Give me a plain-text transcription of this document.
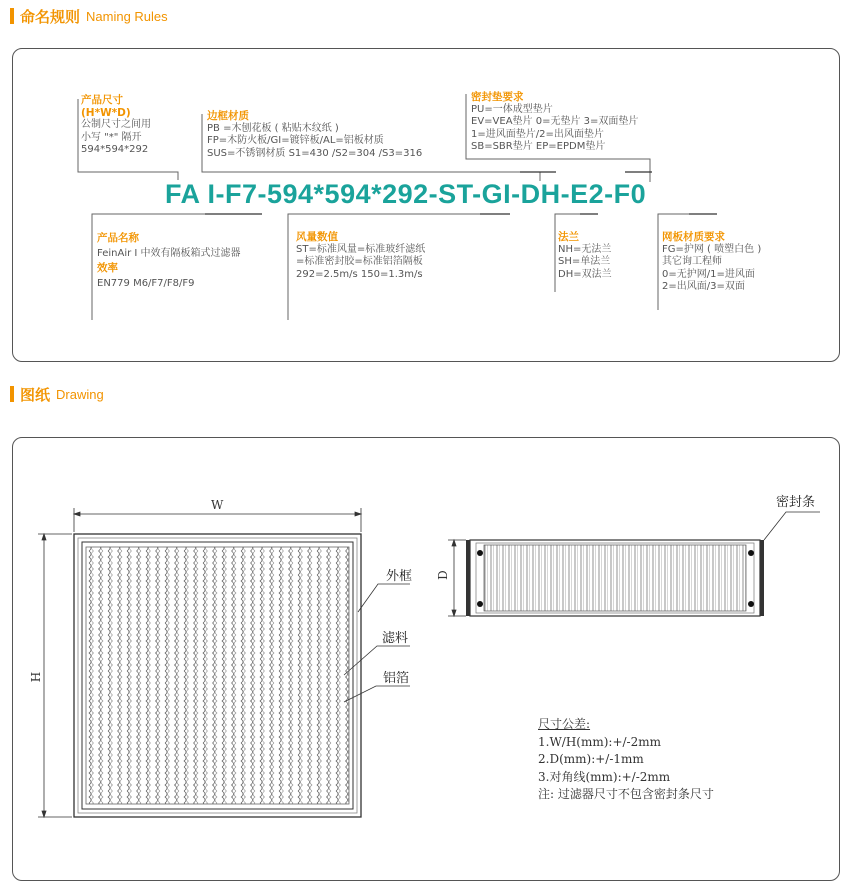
命名规则 Naming Rules
产品尺寸
(H*W*D)
公制尺寸之间用
小写 "*" 隔开
594*594*292
边框材质
PB =木刨花板 ( 粘贴木纹纸 )
FP=木防火板/GI=镀锌板/AL=铝板材质
SUS=不锈钢材质 S1=430 /S2=304 /S3=316
密封垫要求
PU=一体成型垫片
EV=VEA垫片 0=无垫片 3=双面垫片
1=进风面垫片/2=出风面垫片
SB=SBR垫片 EP=EPDM垫片
FA I-F7-594*594*292-ST-GI-DH-E2-F0
产品名称
FeinAir I 中效有隔板箱式过滤器
效率
EN779 M6/F7/F8/F9
风量数值
ST=标准风量=标准玻纤滤纸
=标准密封胶=标准铝箔隔板
292=2.5m/s 150=1.3m/s
法兰
NH=无法兰
SH=单法兰
DH=双法兰
网板材质要求
FG=护网 ( 喷塑白色 )
其它询工程师
0=无护网/1=进风面
2=出风面/3=双面
图纸 Drawing
W
H
D
外框
滤料
铝箔
密封条
尺寸公差:
1.W/H(mm):+/-2mm
2.D(mm):+/-1mm
3.对角线(mm):+/-2mm
注: 过滤器尺寸不包含密封条尺寸
